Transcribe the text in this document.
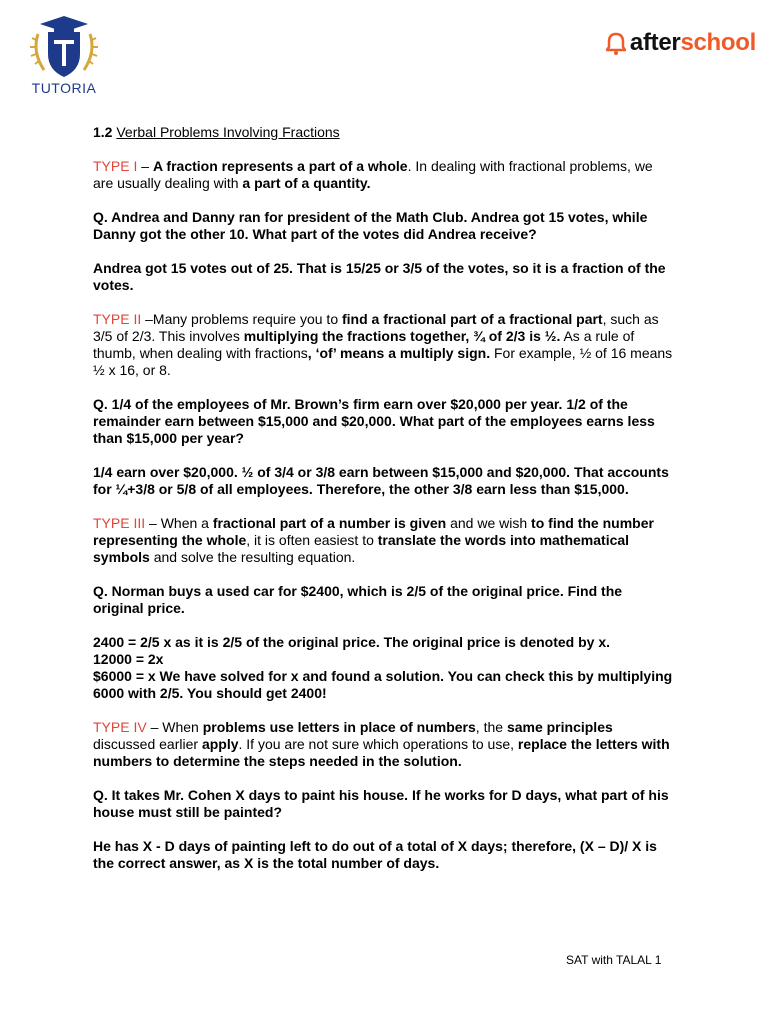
TUTORIA
after school

1.2 Verbal Problems Involving Fractions

TYPE I – A fraction represents a part of a whole. In dealing with fractional problems, we are usually dealing with a part of a quantity.

Q. Andrea and Danny ran for president of the Math Club. Andrea got 15 votes, while Danny got the other 10. What part of the votes did Andrea receive?

Andrea got 15 votes out of 25. That is 15/25 or 3/5 of the votes, so it is a fraction of the votes.

TYPE II –Many problems require you to find a fractional part of a fractional part, such as 3/5 of 2/3. This involves multiplying the fractions together, ¾ of 2/3 is ½. As a rule of thumb, when dealing with fractions, ‘of’ means a multiply sign. For example, ½ of 16 means ½ x 16, or 8.

Q. 1/4 of the employees of Mr. Brown’s firm earn over $20,000 per year. 1/2 of the remainder earn between $15,000 and $20,000. What part of the employees earns less than $15,000 per year?

1/4 earn over $20,000. ½ of 3/4 or 3/8 earn between $15,000 and $20,000. That accounts for ¼+3/8 or 5/8 of all employees. Therefore, the other 3/8 earn less than $15,000.

TYPE III – When a fractional part of a number is given and we wish to find the number representing the whole, it is often easiest to translate the words into mathematical symbols and solve the resulting equation.

Q. Norman buys a used car for $2400, which is 2/5 of the original price. Find the original price.

2400 = 2/5 x as it is 2/5 of the original price. The original price is denoted by x.
12000 = 2x
$6000 = x We have solved for x and found a solution. You can check this by multiplying 6000 with 2/5. You should get 2400!

TYPE IV – When problems use letters in place of numbers, the same principles discussed earlier apply. If you are not sure which operations to use, replace the letters with numbers to determine the steps needed in the solution.

Q. It takes Mr. Cohen X days to paint his house. If he works for D days, what part of his house must still be painted?

He has X - D days of painting left to do out of a total of X days; therefore, (X – D)/ X is the correct answer, as X is the total number of days.

SAT with TALAL 1
